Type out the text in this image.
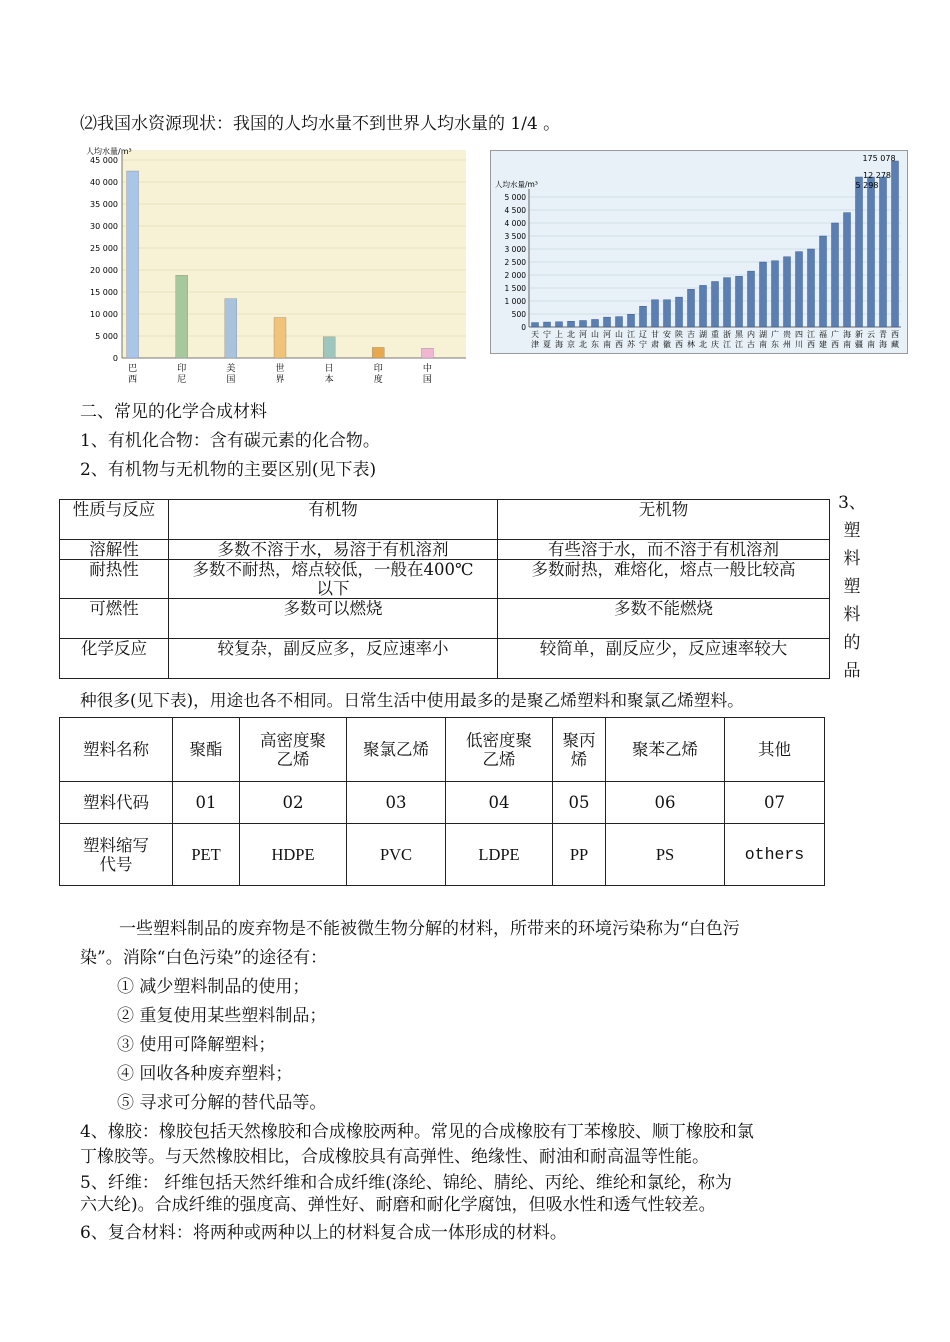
⑵我国水资源现状：我国的人均水量不到世界人均水量的 1/4 。
人均水量/m³
0
5 000
10 000
15 000
20 000
25 000
30 000
35 000
40 000
45 000
巴
西
印
尼
美
国
世
界
日
本
印
度
中
国
人均水量/m³
0
500
1 000
1 500
2 000
2 500
3 000
3 500
4 000
4 500
5 000
天
津
宁
夏
上
海
北
京
河
北
山
东
河
南
山
西
江
苏
辽
宁
甘
肃
安
徽
陕
西
吉
林
湖
北
重
庆
浙
江
黑
江
内
古
湖
南
广
东
贵
州
四
川
江
西
福
建
广
西
海
南
新
疆
云
南
青
海
西
藏
175 078
12 278
5 298
二、常见的化学合成材料
1、有机化合物：含有碳元素的化合物。
2、有机物与无机物的主要区别(见下表)
性质与反应	有机物	无机物
溶解性	多数不溶于水，易溶于有机溶剂	有些溶于水，而不溶于有机溶剂
耐热性	多数不耐热，熔点较低，一般在400℃以下	多数耐热，难熔化，熔点一般比较高
可燃性	多数可以燃烧	多数不能燃烧
化学反应	较复杂，副反应多，反应速率小	较简单，副反应少，反应速率较大
3、
塑
料
塑
料
的
品
种很多(见下表)，用途也各不相同。日常生活中使用最多的是聚乙烯塑料和聚氯乙烯塑料。
塑料名称	聚酯	高密度聚乙烯	聚氯乙烯	低密度聚乙烯	聚丙烯	聚苯乙烯	其他
塑料代码	01	02	03	04	05	06	07
塑料缩写代号	PET	HDPE	PVC	LDPE	PP	PS	others
一些塑料制品的废弃物是不能被微生物分解的材料，所带来的环境污染称为“白色污
染”。消除“白色污染”的途径有：
① 减少塑料制品的使用；
② 重复使用某些塑料制品；
③ 使用可降解塑料；
④ 回收各种废弃塑料；
⑤ 寻求可分解的替代品等。
4、橡胶：橡胶包括天然橡胶和合成橡胶两种。常见的合成橡胶有丁苯橡胶、顺丁橡胶和氯
丁橡胶等。与天然橡胶相比，合成橡胶具有高弹性、绝缘性、耐油和耐高温等性能。
5、纤维： 纤维包括天然纤维和合成纤维(涤纶、锦纶、腈纶、丙纶、维纶和氯纶，称为
六大纶)。合成纤维的强度高、弹性好、耐磨和耐化学腐蚀，但吸水性和透气性较差。
6、复合材料：将两种或两种以上的材料复合成一体形成的材料。
